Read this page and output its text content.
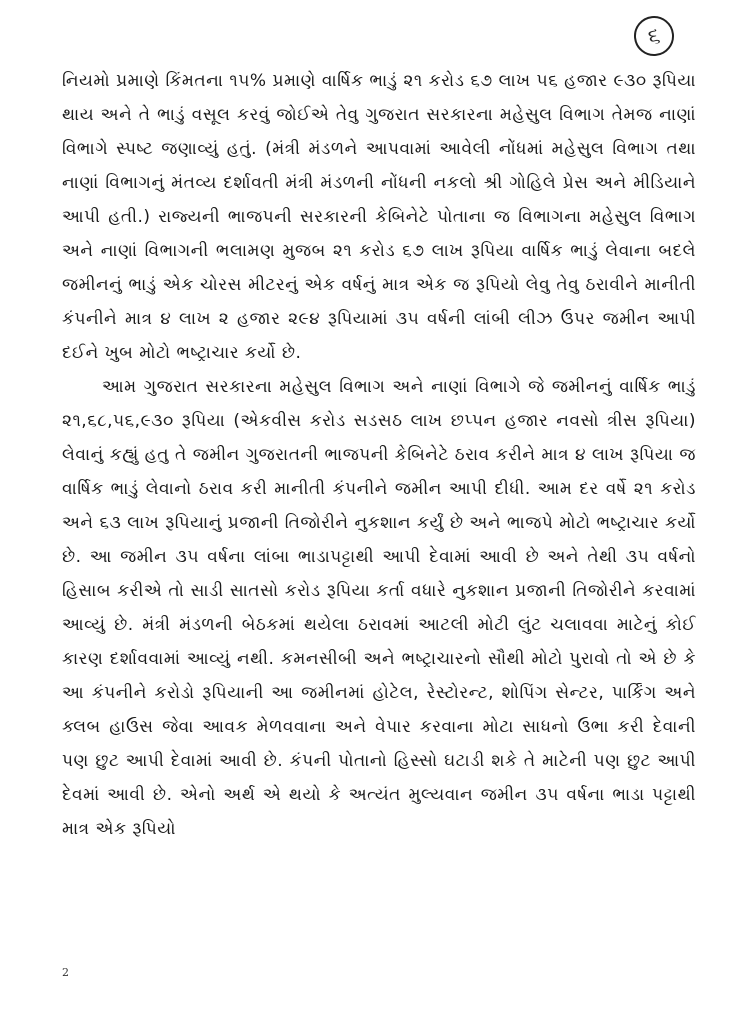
૬

નિયમો પ્રમાણે કિંમતના ૧૫% પ્રમાણે વાર્ષિક ભાડું ૨૧ કરોડ ૬૭ લાખ ૫૬ હજાર ૯૩૦ રૂપિયા થાય અને તે ભાડું વસૂલ કરવું જોઈએ તેવુ ગુજરાત સરકારના મહેસુલ વિભાગ તેમજ નાણાં વિભાગે સ્પષ્ટ જણાવ્યું હતું. (મંત્રી મંડળને આપવામાં આવેલી નોંધમાં મહેસુલ વિભાગ તથા નાણાં વિભાગનું મંતવ્ય દર્શાવતી મંત્રી મંડળની નોંધની નકલો શ્રી ગોહિલે પ્રેસ અને મીડિયાને આપી હતી.) રાજ્યની ભાજપની સરકારની કેબિનેટે પોતાના જ વિભાગના મહેસુલ વિભાગ અને નાણાં વિભાગની ભલામણ મુજબ ૨૧ કરોડ ૬૭ લાખ રૂપિયા વાર્ષિક ભાડું લેવાના બદલે જમીનનું ભાડું એક ચોરસ મીટરનું એક વર્ષનું માત્ર એક જ રૂપિયો લેવુ તેવુ ઠરાવીને માનીતી કંપનીને માત્ર ૪ લાખ ૨ હજાર ૨૯૪ રૂપિયામાં ૩૫ વર્ષની લાંબી લીઝ ઉપર જમીન આપી દઈને ખુબ મોટો ભષ્ટ્રાચાર કર્યો છે.

આમ ગુજરાત સરકારના મહેસુલ વિભાગ અને નાણાં વિભાગે જે જમીનનું વાર્ષિક ભાડું ૨૧,૬૮,૫૬,૯૩૦ રૂપિયા (એકવીસ કરોડ સડસઠ લાખ છપ્પન હજાર નવસો ત્રીસ રૂપિયા) લેવાનું કહ્યું હતુ તે જમીન ગુજરાતની ભાજપની કેબિનેટે ઠરાવ કરીને માત્ર ૪ લાખ રૂપિયા જ વાર્ષિક ભાડું લેવાનો ઠરાવ કરી માનીતી કંપનીને જમીન આપી દીધી. આમ દર વર્ષે ૨૧ કરોડ અને ૬૩ લાખ રૂપિયાનું પ્રજાની તિજોરીને નુકશાન કર્યું છે અને ભાજપે મોટો ભષ્ટ્રાચાર કર્યો છે. આ જમીન ૩૫ વર્ષના લાંબા ભાડાપટ્ટાથી આપી દેવામાં આવી છે અને તેથી ૩૫ વર્ષનો હિસાબ કરીએ તો સાડી સાતસો કરોડ રૂપિયા કર્તા વધારે નુકશાન પ્રજાની તિજોરીને કરવામાં આવ્યું છે. મંત્રી મંડળની બેઠકમાં થયેલા ઠરાવમાં આટલી મોટી લુંટ ચલાવવા માટેનું કોઈ કારણ દર્શાવવામાં આવ્યું નથી. કમનસીબી અને ભષ્ટ્રાચારનો સૌથી મોટો પુરાવો તો એ છે કે આ કંપનીને કરોડો રૂપિયાની આ જમીનમાં હોટેલ, રેસ્ટોરન્ટ, શોપિંગ સેન્ટર, પાર્કિંગ અને ક્લબ હાઉસ જેવા આવક મેળવવાના અને વેપાર કરવાના મોટા સાધનો ઉભા કરી દેવાની પણ છુટ આપી દેવામાં આવી છે. કંપની પોતાનો હિસ્સો ઘટાડી શકે તે માટેની પણ છુટ આપી દેવમાં આવી છે. એનો અર્થ એ થયો કે અત્યંત મુલ્યવાન જમીન ૩૫ વર્ષના ભાડા પટ્ટાથી માત્ર એક રૂપિયો

2
